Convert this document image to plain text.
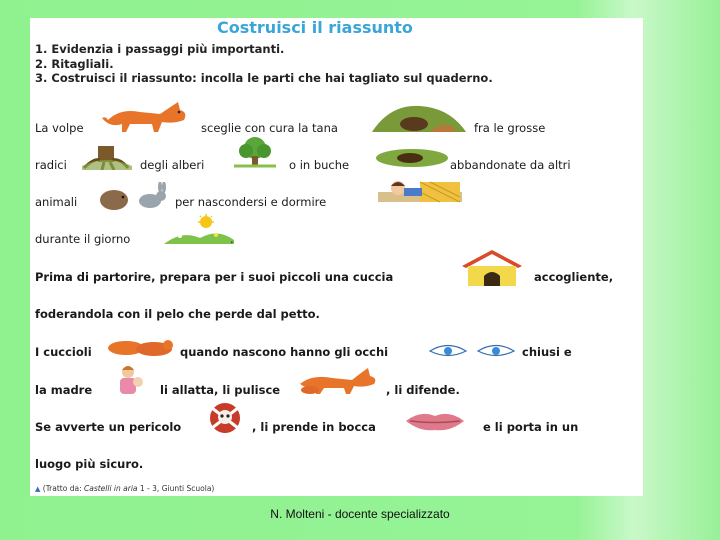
Costruisci il riassunto
1. Evidenzia i passaggi più importanti.
2. Ritagliali.
3. Costruisci il riassunto: incolla le parti che hai tagliato sul quaderno.
La volpe	sceglie con cura la tana	fra le grosse
radici	degli alberi	o in buche	abbandonate da altri
animali	per nascondersi e dormire
durante il giorno	.
Prima di partorire, prepara per i suoi piccoli una cuccia	accogliente,
foderandola con il pelo che perde dal petto.
I cuccioli	quando nascono hanno gli occhi	chiusi e
la madre	li allatta, li pulisce	, li difende.
Se avverte un pericolo	, li prende in bocca	e li porta in un
luogo più sicuro.
▲ (Tratto da: Castelli in aria 1 - 3, Giunti Scuola)
N. Molteni - docente specializzato
